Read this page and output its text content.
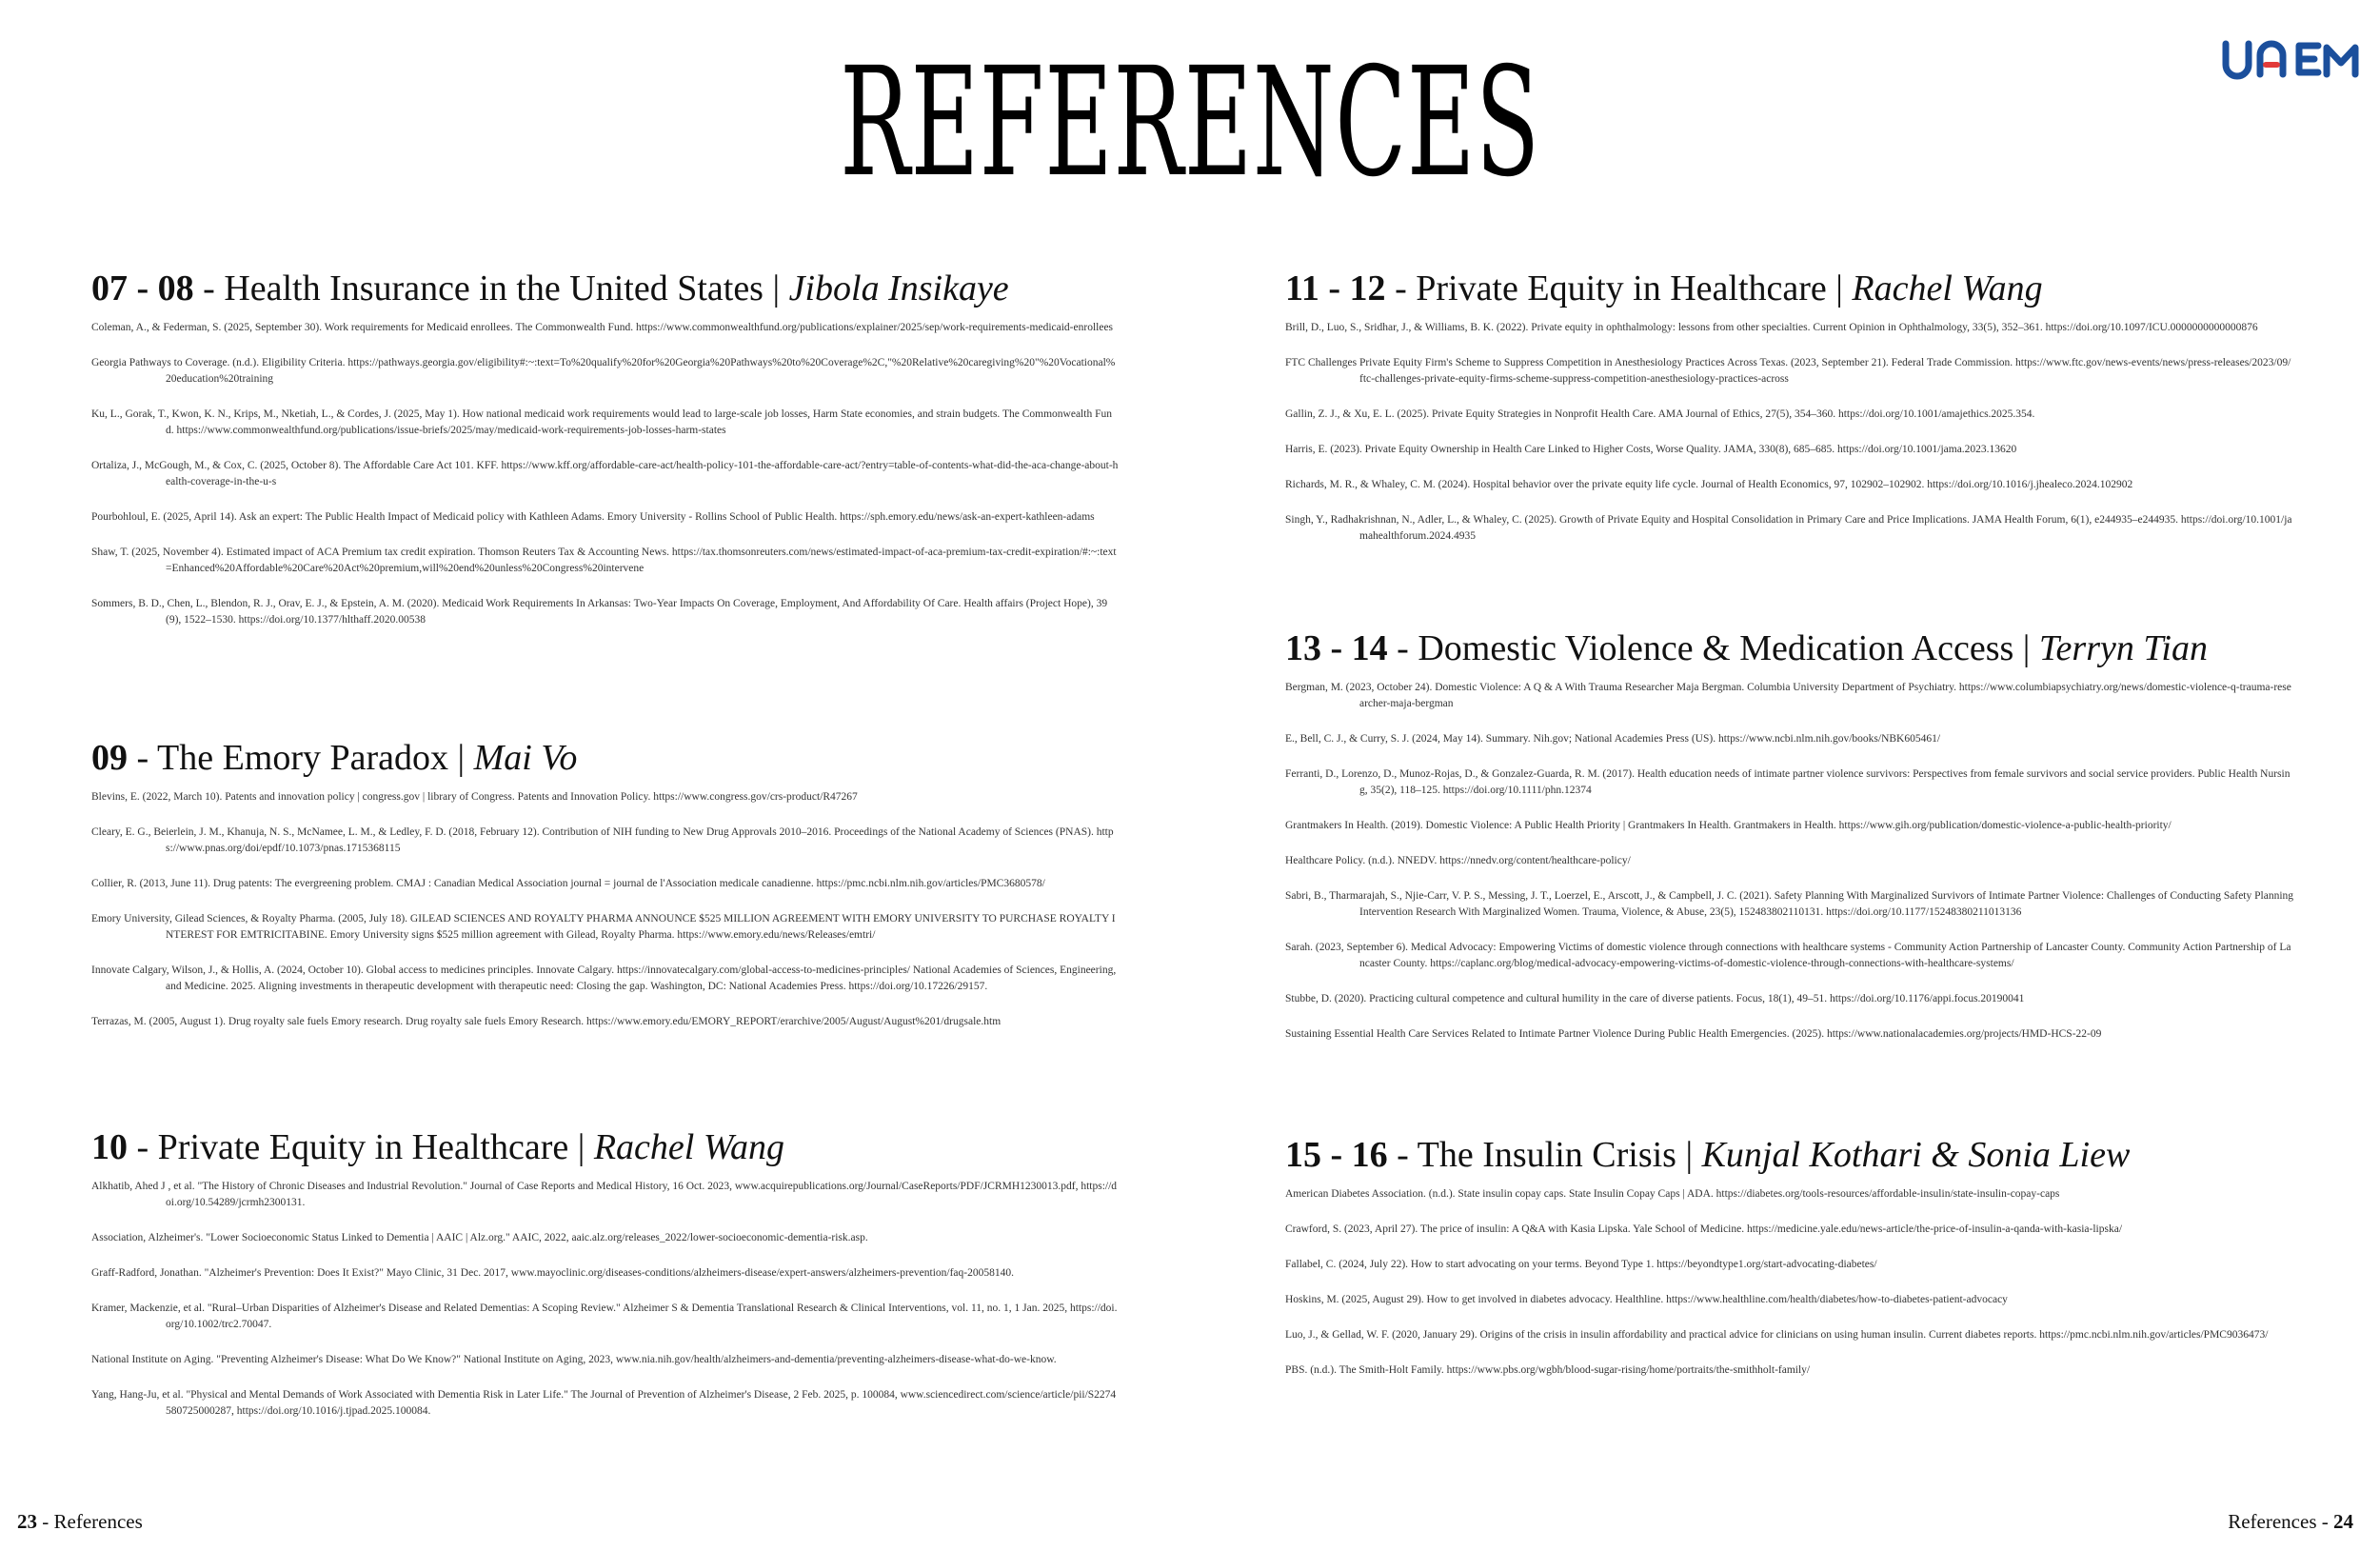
REFERENCES
07 - 08 - Health Insurance in the United States | Jibola Insikaye
Coleman, A., & Federman, S. (2025, September 30). Work requirements for Medicaid enrollees. The Commonwealth Fund. https://www.commonwealthfund.org/publications/explainer/2025/sep/work-requirements-medicaid-enrollees
Georgia Pathways to Coverage. (n.d.). Eligibility Criteria. https://pathways.georgia.gov/eligibility#:~:text=To%20qualify%20for%20Georgia%20Pathways%20to%20Coverage%2C,"%20Relative%20caregiving%20"%20Vocational%20education%20training
Ku, L., Gorak, T., Kwon, K. N., Krips, M., Nketiah, L., & Cordes, J. (2025, May 1). How national medicaid work requirements would lead to large-scale job losses, Harm State economies, and strain budgets. The Commonwealth Fund. https://www.commonwealthfund.org/publications/issue-briefs/2025/may/medicaid-work-requirements-job-losses-harm-states
Ortaliza, J., McGough, M., & Cox, C. (2025, October 8). The Affordable Care Act 101. KFF. https://www.kff.org/affordable-care-act/health-policy-101-the-affordable-care-act/?entry=table-of-contents-what-did-the-aca-change-about-health-coverage-in-the-u-s
Pourbohloul, E. (2025, April 14). Ask an expert: The Public Health Impact of Medicaid policy with Kathleen Adams. Emory University - Rollins School of Public Health. https://sph.emory.edu/news/ask-an-expert-kathleen-adams
Shaw, T. (2025, November 4). Estimated impact of ACA Premium tax credit expiration. Thomson Reuters Tax & Accounting News. https://tax.thomsonreuters.com/news/estimated-impact-of-aca-premium-tax-credit-expiration/#:~:text=Enhanced%20Affordable%20Care%20Act%20premium,will%20end%20unless%20Congress%20intervene
Sommers, B. D., Chen, L., Blendon, R. J., Orav, E. J., & Epstein, A. M. (2020). Medicaid Work Requirements In Arkansas: Two-Year Impacts On Coverage, Employment, And Affordability Of Care. Health affairs (Project Hope), 39(9), 1522–1530. https://doi.org/10.1377/hlthaff.2020.00538
09 - The Emory Paradox | Mai Vo
Blevins, E. (2022, March 10). Patents and innovation policy | congress.gov | library of Congress. Patents and Innovation Policy. https://www.congress.gov/crs-product/R47267
Cleary, E. G., Beierlein, J. M., Khanuja, N. S., McNamee, L. M., & Ledley, F. D. (2018, February 12). Contribution of NIH funding to New Drug Approvals 2010–2016. Proceedings of the National Academy of Sciences (PNAS). https://www.pnas.org/doi/epdf/10.1073/pnas.1715368115
Collier, R. (2013, June 11). Drug patents: The evergreening problem. CMAJ : Canadian Medical Association journal = journal de l'Association medicale canadienne. https://pmc.ncbi.nlm.nih.gov/articles/PMC3680578/
Emory University, Gilead Sciences, & Royalty Pharma. (2005, July 18). GILEAD SCIENCES AND ROYALTY PHARMA ANNOUNCE $525 MILLION AGREEMENT WITH EMORY UNIVERSITY TO PURCHASE ROYALTY INTEREST FOR EMTRICITABINE. Emory University signs $525 million agreement with Gilead, Royalty Pharma. https://www.emory.edu/news/Releases/emtri/
Innovate Calgary, Wilson, J., & Hollis, A. (2024, October 10). Global access to medicines principles. Innovate Calgary. https://innovatecalgary.com/global-access-to-medicines-principles/ National Academies of Sciences, Engineering, and Medicine. 2025. Aligning investments in therapeutic development with therapeutic need: Closing the gap. Washington, DC: National Academies Press. https://doi.org/10.17226/29157.
Terrazas, M. (2005, August 1). Drug royalty sale fuels Emory research. Drug royalty sale fuels Emory Research. https://www.emory.edu/EMORY_REPORT/erarchive/2005/August/August%201/drugsale.htm
10 - Private Equity in Healthcare | Rachel Wang
Alkhatib, Ahed J , et al. "The History of Chronic Diseases and Industrial Revolution." Journal of Case Reports and Medical History, 16 Oct. 2023, www.acquirepublications.org/Journal/CaseReports/PDF/JCRMH1230013.pdf, https://doi.org/10.54289/jcrmh2300131.
Association, Alzheimer's. "Lower Socioeconomic Status Linked to Dementia | AAIC | Alz.org." AAIC, 2022, aaic.alz.org/releases_2022/lower-socioeconomic-dementia-risk.asp.
Graff-Radford, Jonathan. "Alzheimer's Prevention: Does It Exist?" Mayo Clinic, 31 Dec. 2017, www.mayoclinic.org/diseases-conditions/alzheimers-disease/expert-answers/alzheimers-prevention/faq-20058140.
Kramer, Mackenzie, et al. "Rural–Urban Disparities of Alzheimer's Disease and Related Dementias: A Scoping Review." Alzheimer S & Dementia Translational Research & Clinical Interventions, vol. 11, no. 1, 1 Jan. 2025, https://doi.org/10.1002/trc2.70047.
National Institute on Aging. "Preventing Alzheimer's Disease: What Do We Know?" National Institute on Aging, 2023, www.nia.nih.gov/health/alzheimers-and-dementia/preventing-alzheimers-disease-what-do-we-know.
Yang, Hang-Ju, et al. "Physical and Mental Demands of Work Associated with Dementia Risk in Later Life." The Journal of Prevention of Alzheimer's Disease, 2 Feb. 2025, p. 100084, www.sciencedirect.com/science/article/pii/S2274580725000287, https://doi.org/10.1016/j.tjpad.2025.100084.
11 - 12 - Private Equity in Healthcare | Rachel Wang
Brill, D., Luo, S., Sridhar, J., & Williams, B. K. (2022). Private equity in ophthalmology: lessons from other specialties. Current Opinion in Ophthalmology, 33(5), 352–361. https://doi.org/10.1097/ICU.0000000000000876
FTC Challenges Private Equity Firm's Scheme to Suppress Competition in Anesthesiology Practices Across Texas. (2023, September 21). Federal Trade Commission. https://www.ftc.gov/news-events/news/press-releases/2023/09/ftc-challenges-private-equity-firms-scheme-suppress-competition-anesthesiology-practices-across
Gallin, Z. J., & Xu, E. L. (2025). Private Equity Strategies in Nonprofit Health Care. AMA Journal of Ethics, 27(5), 354–360. https://doi.org/10.1001/amajethics.2025.354.
Harris, E. (2023). Private Equity Ownership in Health Care Linked to Higher Costs, Worse Quality. JAMA, 330(8), 685–685. https://doi.org/10.1001/jama.2023.13620
Richards, M. R., & Whaley, C. M. (2024). Hospital behavior over the private equity life cycle. Journal of Health Economics, 97, 102902–102902. https://doi.org/10.1016/j.jhealeco.2024.102902
Singh, Y., Radhakrishnan, N., Adler, L., & Whaley, C. (2025). Growth of Private Equity and Hospital Consolidation in Primary Care and Price Implications. JAMA Health Forum, 6(1), e244935–e244935. https://doi.org/10.1001/jamahealthforum.2024.4935
13 - 14 - Domestic Violence & Medication Access | Terryn Tian
Bergman, M. (2023, October 24). Domestic Violence: A Q & A With Trauma Researcher Maja Bergman. Columbia University Department of Psychiatry. https://www.columbiapsychiatry.org/news/domestic-violence-q-trauma-researcher-maja-bergman
E., Bell, C. J., & Curry, S. J. (2024, May 14). Summary. Nih.gov; National Academies Press (US). https://www.ncbi.nlm.nih.gov/books/NBK605461/
Ferranti, D., Lorenzo, D., Munoz-Rojas, D., & Gonzalez-Guarda, R. M. (2017). Health education needs of intimate partner violence survivors: Perspectives from female survivors and social service providers. Public Health Nursing, 35(2), 118–125. https://doi.org/10.1111/phn.12374
Grantmakers In Health. (2019). Domestic Violence: A Public Health Priority | Grantmakers In Health. Grantmakers in Health. https://www.gih.org/publication/domestic-violence-a-public-health-priority/
Healthcare Policy. (n.d.). NNEDV. https://nnedv.org/content/healthcare-policy/
Sabri, B., Tharmarajah, S., Njie-Carr, V. P. S., Messing, J. T., Loerzel, E., Arscott, J., & Campbell, J. C. (2021). Safety Planning With Marginalized Survivors of Intimate Partner Violence: Challenges of Conducting Safety Planning Intervention Research With Marginalized Women. Trauma, Violence, & Abuse, 23(5), 152483802110131. https://doi.org/10.1177/15248380211013136
Sarah. (2023, September 6). Medical Advocacy: Empowering Victims of domestic violence through connections with healthcare systems - Community Action Partnership of Lancaster County. Community Action Partnership of Lancaster County. https://caplanc.org/blog/medical-advocacy-empowering-victims-of-domestic-violence-through-connections-with-healthcare-systems/
Stubbe, D. (2020). Practicing cultural competence and cultural humility in the care of diverse patients. Focus, 18(1), 49–51. https://doi.org/10.1176/appi.focus.20190041
Sustaining Essential Health Care Services Related to Intimate Partner Violence During Public Health Emergencies. (2025). https://www.nationalacademies.org/projects/HMD-HCS-22-09
15 - 16 - The Insulin Crisis | Kunjal Kothari & Sonia Liew
American Diabetes Association. (n.d.). State insulin copay caps. State Insulin Copay Caps | ADA. https://diabetes.org/tools-resources/affordable-insulin/state-insulin-copay-caps
Crawford, S. (2023, April 27). The price of insulin: A Q&A with Kasia Lipska. Yale School of Medicine. https://medicine.yale.edu/news-article/the-price-of-insulin-a-qanda-with-kasia-lipska/
Fallabel, C. (2024, July 22). How to start advocating on your terms. Beyond Type 1. https://beyondtype1.org/start-advocating-diabetes/
Hoskins, M. (2025, August 29). How to get involved in diabetes advocacy. Healthline. https://www.healthline.com/health/diabetes/how-to-diabetes-patient-advocacy
Luo, J., & Gellad, W. F. (2020, January 29). Origins of the crisis in insulin affordability and practical advice for clinicians on using human insulin. Current diabetes reports. https://pmc.ncbi.nlm.nih.gov/articles/PMC9036473/
PBS. (n.d.). The Smith-Holt Family. https://www.pbs.org/wgbh/blood-sugar-rising/home/portraits/the-smithholt-family/
23 - References	References - 24
